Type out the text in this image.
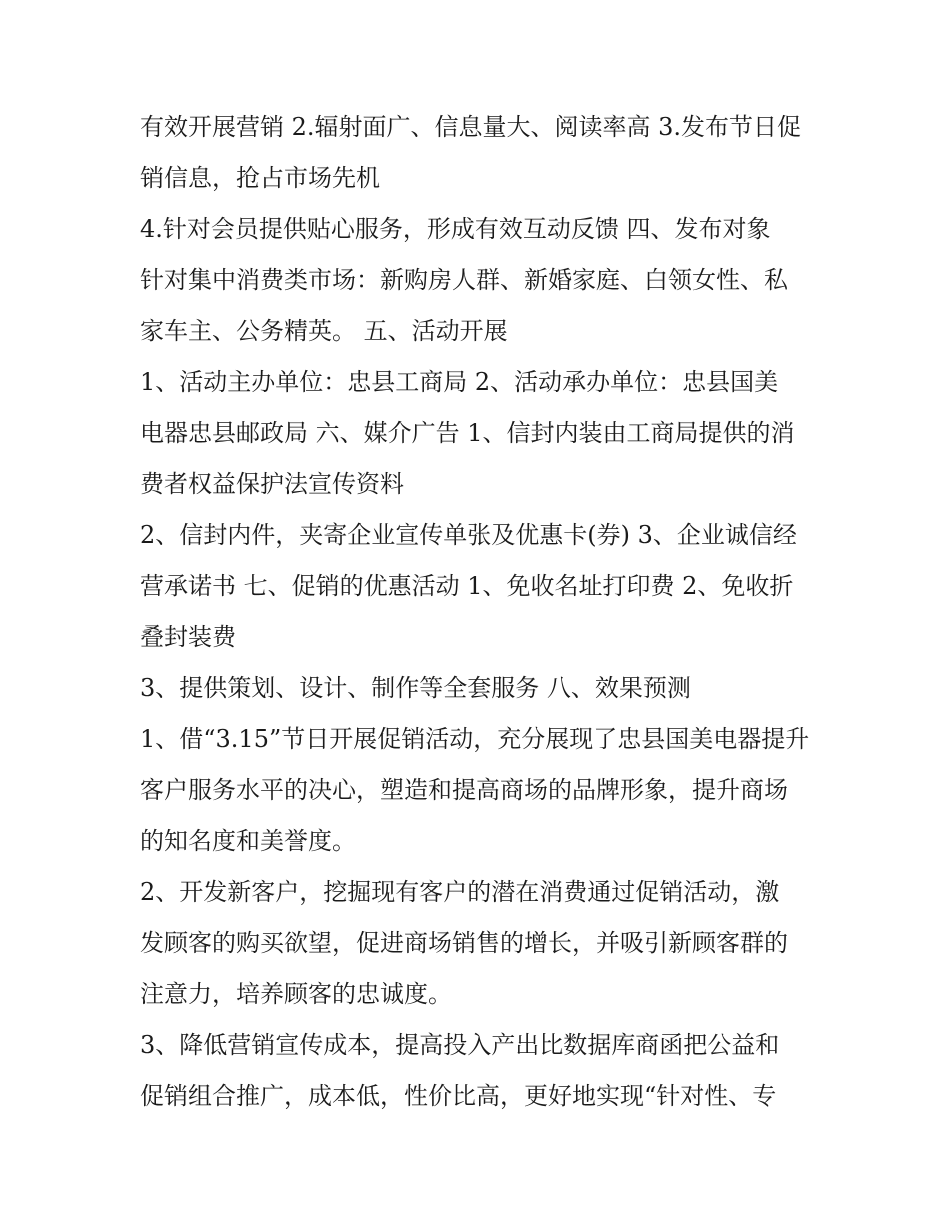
有效开展营销 2.辐射面广、信息量大、阅读率高 3.发布节日促
销信息，抢占市场先机
4.针对会员提供贴心服务，形成有效互动反馈 四、发布对象
针对集中消费类市场：新购房人群、新婚家庭、白领女性、私
家车主、公务精英。 五、活动开展
1、活动主办单位：忠县工商局 2、活动承办单位：忠县国美
电器忠县邮政局 六、媒介广告 1、信封内装由工商局提供的消
费者权益保护法宣传资料
2、信封内件，夹寄企业宣传单张及优惠卡(券) 3、企业诚信经
营承诺书 七、促销的优惠活动 1、免收名址打印费 2、免收折
叠封装费
3、提供策划、设计、制作等全套服务 八、效果预测
1、借“3.15”节日开展促销活动，充分展现了忠县国美电器提升
客户服务水平的决心，塑造和提高商场的品牌形象，提升商场
的知名度和美誉度。
2、开发新客户，挖掘现有客户的潜在消费通过促销活动，激
发顾客的购买欲望，促进商场销售的增长，并吸引新顾客群的
注意力，培养顾客的忠诚度。
3、降低营销宣传成本，提高投入产出比数据库商函把公益和
促销组合推广，成本低，性价比高，更好地实现“针对性、专
